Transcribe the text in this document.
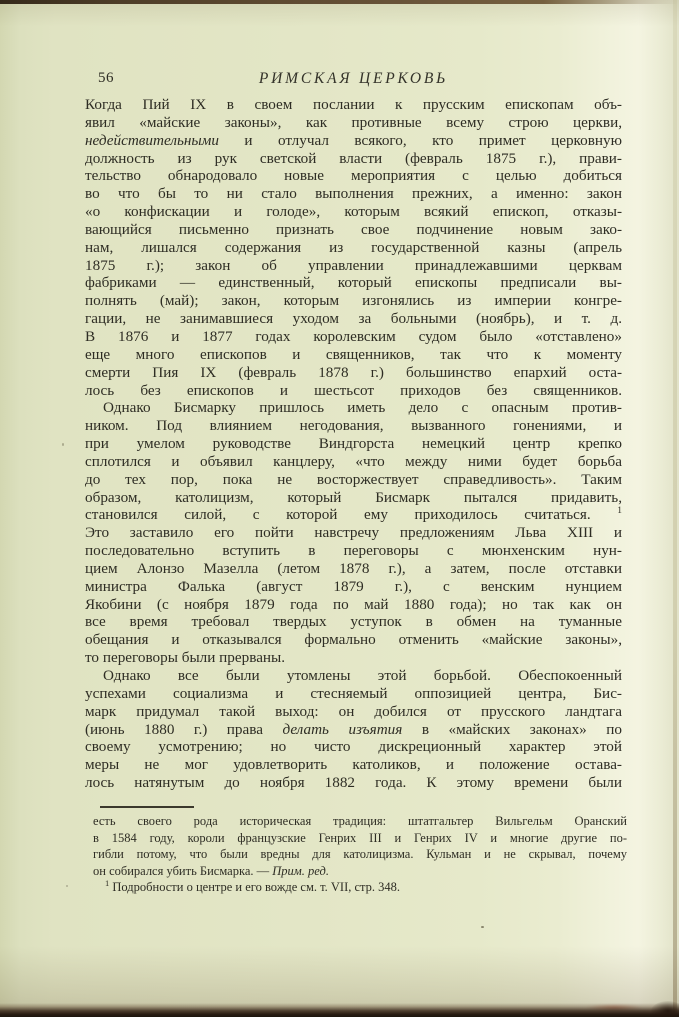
56	РИМСКАЯ ЦЕРКОВЬ
Когда Пий IX в своем послании к прусским епископам объ-
явил «майские законы», как противные всему строю церкви,
недействительными и отлучал всякого, кто примет церковную
должность из рук светской власти (февраль 1875 г.), прави-
тельство обнародовало новые мероприятия с целью добиться
во что бы то ни стало выполнения прежних, а именно: закон
«о конфискации и голоде», которым всякий епископ, отказы-
вающийся письменно признать свое подчинение новым зако-
нам, лишался содержания из государственной казны (апрель
1875 г.); закон об управлении принадлежавшими церквам
фабриками — единственный, который епископы предписали вы-
полнять (май); закон, которым изгонялись из империи конгре-
гации, не занимавшиеся уходом за больными (ноябрь), и т. д.
В 1876 и 1877 годах королевским судом было «отставлено»
еще много епископов и священников, так что к моменту
смерти Пия IX (февраль 1878 г.) большинство епархий оста-
лось без епископов и шестьсот приходов без священников.
Однако Бисмарку пришлось иметь дело с опасным против-
ником. Под влиянием негодования, вызванного гонениями, и
при умелом руководстве Виндгорста немецкий центр крепко
сплотился и объявил канцлеру, «что между ними будет борьба
до тех пор, пока не восторжествует справедливость». Таким
образом, католицизм, который Бисмарк пытался придавить,
становился силой, с которой ему приходилось считаться. $^1$
Это заставило его пойти навстречу предложениям Льва XIII и
последовательно вступить в переговоры с мюнхенским нун-
цием Алонзо Мазелла (летом 1878 г.), а затем, после отставки
министра Фалька (август 1879 г.), с венским нунцием
Якобини (с ноября 1879 года по май 1880 года); но так как он
все время требовал твердых уступок в обмен на туманные
обещания и отказывался формально отменить «майские законы»,
то переговоры были прерваны.
Однако все были утомлены этой борьбой. Обеспокоенный
успехами социализма и стесняемый оппозицией центра, Бис-
марк придумал такой выход: он добился от прусского ландтага
(июнь 1880 г.) права делать изъятия в «майских законах» по
своему усмотрению; но чисто дискреционный характер этой
меры не мог удовлетворить католиков, и положение остава-
лось натянутым до ноября 1882 года. К этому времени были
есть своего рода историческая традиция: штатгальтер Вильгельм Оранский
в 1584 году, короли французские Генрих III и Генрих IV и многие другие по-
гибли потому, что были вредны для католицизма. Кульман и не скрывал, почему
он собирался убить Бисмарка. — Прим. ред.
$^1$ Подробности о центре и его вожде см. т. VII, стр. 348.
